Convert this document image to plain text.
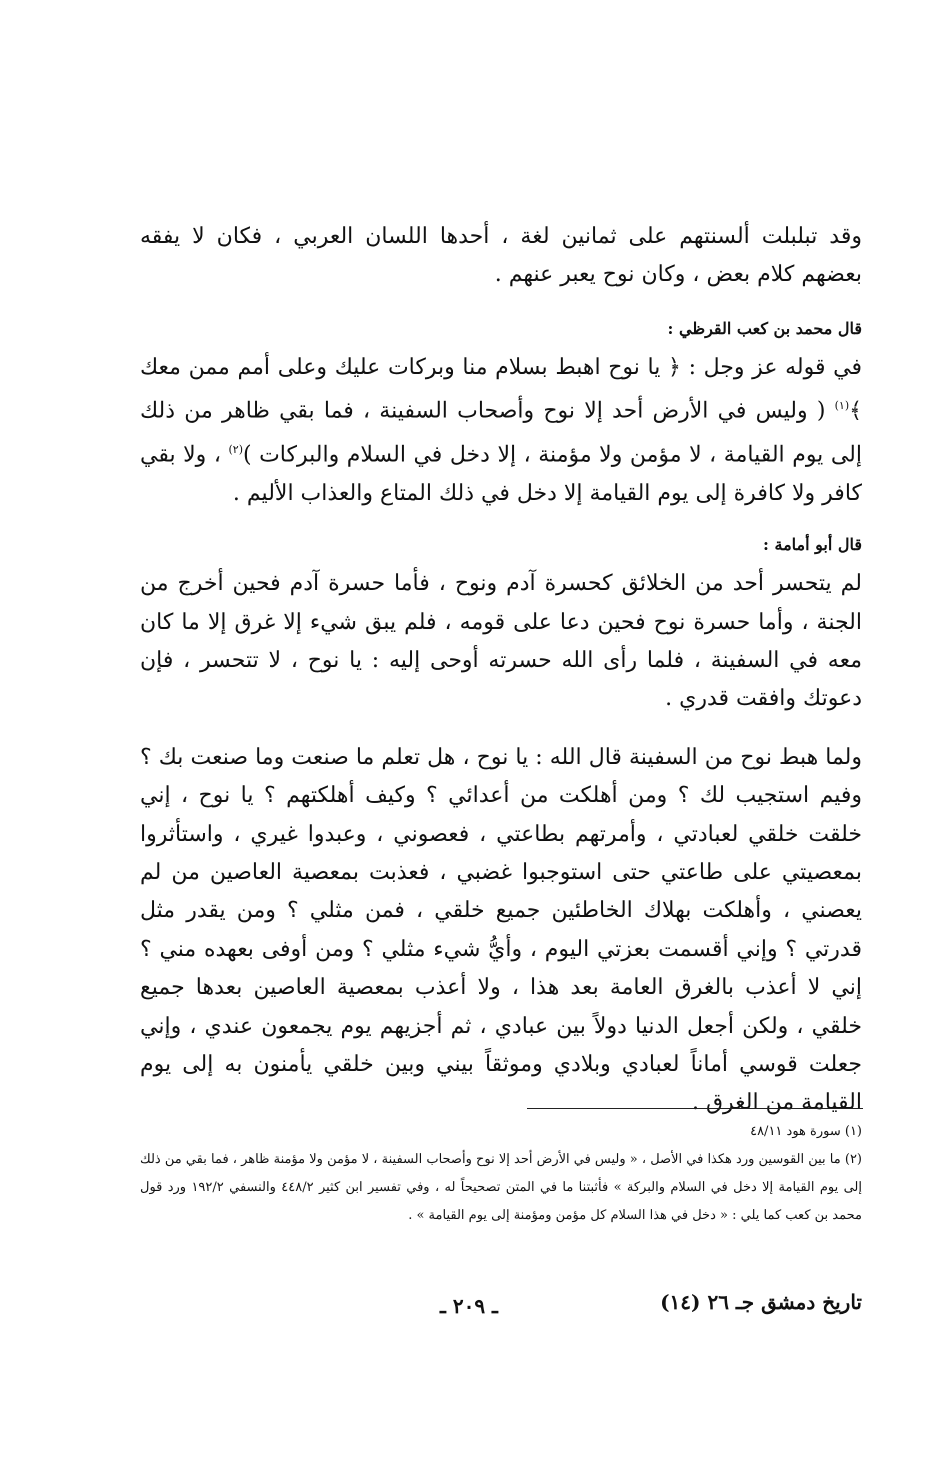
وقد تبلبلت ألسنتهم على ثمانين لغة ، أحدها اللسان العربي ، فكان لا يفقه بعضهم كلام بعض ، وكان نوح يعبر عنهم .

قال محمد بن كعب القرظي :

في قوله عز وجل : ﴿ يا نوح اهبط بسلام منا وبركات عليك وعلى أمم ممن معك ﴾$^{(١)}$ ( وليس في الأرض أحد إلا نوح وأصحاب السفينة ، فما بقي ظاهر من ذلك إلى يوم القيامة ، لا مؤمن ولا مؤمنة ، إلا دخل في السلام والبركات )$^{(٢)}$ ، ولا بقي كافر ولا كافرة إلى يوم القيامة إلا دخل في ذلك المتاع والعذاب الأليم .

قال أبو أمامة :

لم يتحسر أحد من الخلائق كحسرة آدم ونوح ، فأما حسرة آدم فحين أخرج من الجنة ، وأما حسرة نوح فحين دعا على قومه ، فلم يبق شيء إلا غرق إلا ما كان معه في السفينة ، فلما رأى الله حسرته أوحى إليه : يا نوح ، لا تتحسر ، فإن دعوتك وافقت قدري .

ولما هبط نوح من السفينة قال الله : يا نوح ، هل تعلم ما صنعت وما صنعت بك ؟ وفيم استجيب لك ؟ ومن أهلكت من أعدائي ؟ وكيف أهلكتهم ؟ يا نوح ، إني خلقت خلقي لعبادتي ، وأمرتهم بطاعتي ، فعصوني ، وعبدوا غيري ، واستأثروا بمعصيتي على طاعتي حتى استوجبوا غضبي ، فعذبت بمعصية العاصين من لم يعصني ، وأهلكت بهلاك الخاطئين جميع خلقي ، فمن مثلي ؟ ومن يقدر مثل قدرتي ؟ وإني أقسمت بعزتي اليوم ، وأيُّ شيء مثلي ؟ ومن أوفى بعهده مني ؟ إني لا أعذب بالغرق العامة بعد هذا ، ولا أعذب بمعصية العاصين بعدها جميع خلقي ، ولكن أجعل الدنيا دولاً بين عبادي ، ثم أجزيهم يوم يجمعون عندي ، وإني جعلت قوسي أماناً لعبادي وبلادي وموثقاً بيني وبين خلقي يأمنون به إلى يوم القيامة من الغرق .

(١) سورة هود ٤٨/١١

(٢) ما بين القوسين ورد هكذا في الأصل ، « وليس في الأرض أحد إلا نوح وأصحاب السفينة ، لا مؤمن ولا مؤمنة ظاهر ، فما بقي من ذلك إلى يوم القيامة إلا دخل في السلام والبركة » فأثبتنا ما في المتن تصحيحاً له ، وفي تفسير ابن كثير ٤٤٨/٢ والنسفي ١٩٢/٢ ورد قول محمد بن كعب كما يلي : « دخل في هذا السلام كل مؤمن ومؤمنة إلى يوم القيامة » .

تاريخ دمشق جـ ٢٦ (١٤)
ـ ٢٠٩ ـ
